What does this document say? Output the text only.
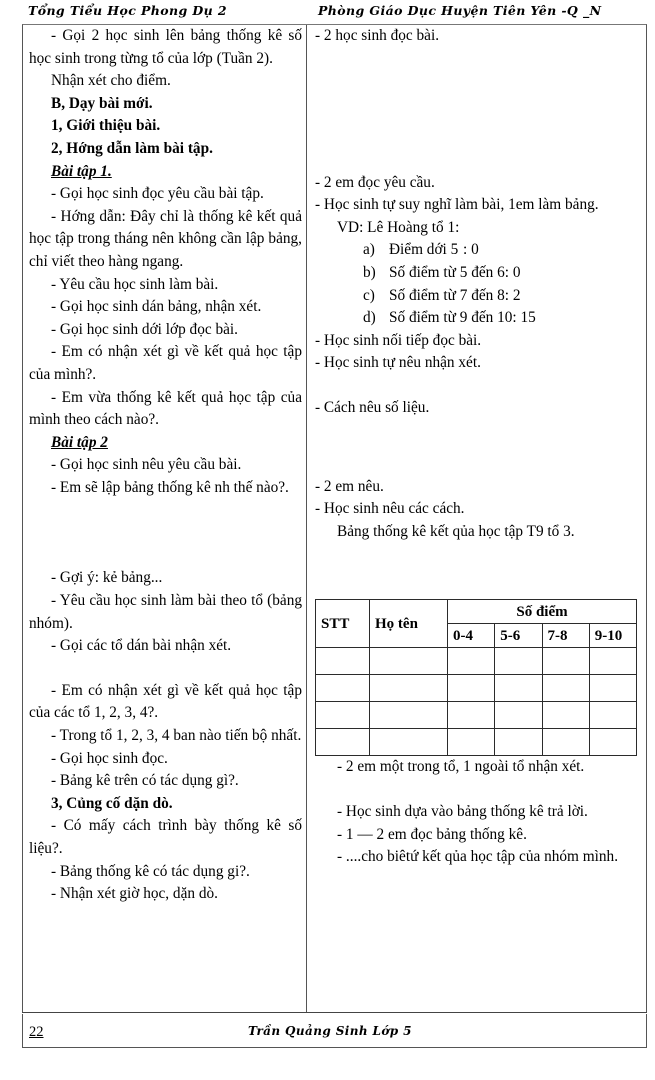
Tổng Tiểu Học Phong Dụ 2	Phòng Giáo Dục Huyện Tiên Yên -Q _N

- Gọi 2 học sinh lên bảng thống kê số học sinh trong từng tổ của lớp (Tuần 2).

Nhận xét cho điểm.

B, Dạy bài mới.

1, Giới thiệu bài.

2, Hớng dẫn làm bài tập.

Bài tập 1.

- Gọi học sinh đọc yêu cầu bài tập.

- Hớng dẫn: Đây chỉ là thống kê kết quả học tập trong tháng nên không cần lập bảng, chỉ viết theo hàng ngang.

- Yêu cầu học sinh làm bài.

- Gọi học sinh dán bảng, nhận xét.

- Gọi học sinh dới lớp đọc bài.

- Em có nhận xét gì về kết quả học tập của mình?.

- Em vừa thống kê kết quả học tập của mình theo cách nào?.

Bài tập 2

- Gọi học sinh nêu yêu cầu bài.

- Em sẽ lập bảng thống kê nh thế nào?.

- Gợi ý: kẻ bảng...

- Yêu cầu học sinh làm bài theo tổ (bảng nhóm).

- Gọi các tổ dán bài nhận xét.

- Em có nhận xét gì về kết quả học tập của các tổ 1, 2, 3, 4?.

- Trong tổ 1, 2, 3, 4 ban nào tiến bộ nhất.

- Gọi học sinh đọc.

- Bảng kê trên có tác dụng gì?.

3, Củng cố dặn dò.

- Có mấy cách trình bày thống kê số liệu?.

- Bảng thống kê có tác dụng gi?.

- Nhận xét giờ học, dặn dò.

- 2 học sinh đọc bài.

- 2 em đọc yêu cầu.

- Học sinh tự suy nghĩ làm bài, 1em làm bảng.

VD: Lê Hoàng tổ 1:

a) Điểm dới 5 : 0
b) Số điểm từ 5 đến 6: 0
c) Số điểm từ 7 đến 8: 2
d) Số điểm từ 9 đến 10: 15

- Học sinh nối tiếp đọc bài.

- Học sinh tự nêu nhận xét.

- Cách nêu số liệu.

- 2 em nêu.

- Học sinh nêu các cách.

Bảng thống kê kết qủa học tập T9 tổ 3.

STT	Họ tên	Số điểm			
		0-4	5-6	7-8	9-10

- 2 em một trong tổ, 1 ngoài tổ nhận xét.

- Học sinh dựa vào bảng thống kê trả lời.

- 1 — 2 em đọc bảng thống kê.

- ....cho biêtứ kết qủa học tập của nhóm mình.

22	Trần Quảng Sinh Lớp 5
